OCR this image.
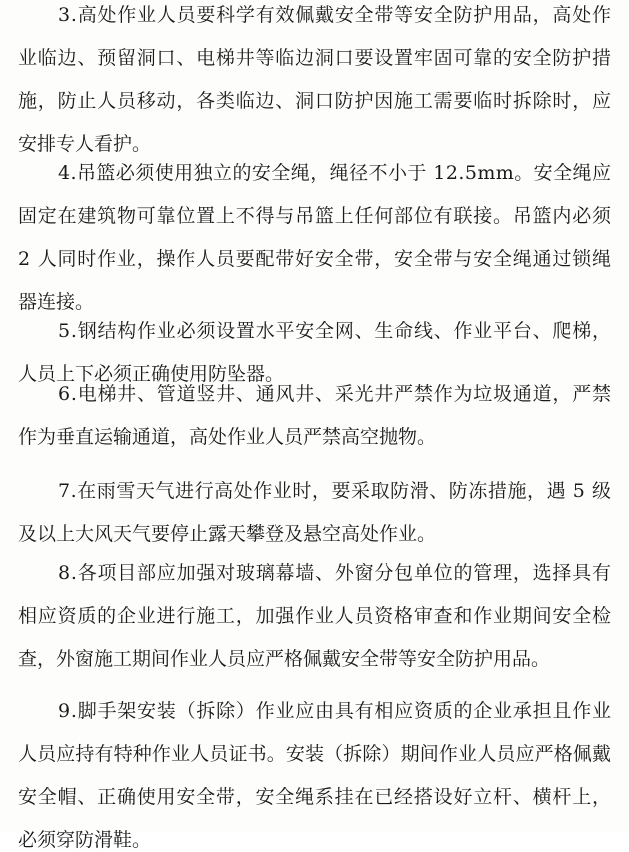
3.高处作业人员要科学有效佩戴安全带等安全防护用品，高处作
业临边、预留洞口、电梯井等临边洞口要设置牢固可靠的安全防护措
施，防止人员移动，各类临边、洞口防护因施工需要临时拆除时，应
安排专人看护。
4.吊篮必须使用独立的安全绳，绳径不小于 12.5mm。安全绳应
固定在建筑物可靠位置上不得与吊篮上任何部位有联接。吊篮内必须
2 人同时作业，操作人员要配带好安全带，安全带与安全绳通过锁绳
器连接。
5.钢结构作业必须设置水平安全网、生命线、作业平台、爬梯，
人员上下必须正确使用防坠器。
6.电梯井、管道竖井、通风井、采光井严禁作为垃圾通道，严禁
作为垂直运输通道，高处作业人员严禁高空抛物。
7.在雨雪天气进行高处作业时，要采取防滑、防冻措施，遇 5 级
及以上大风天气要停止露天攀登及悬空高处作业。
8.各项目部应加强对玻璃幕墙、外窗分包单位的管理，选择具有
相应资质的企业进行施工，加强作业人员资格审查和作业期间安全检
查，外窗施工期间作业人员应严格佩戴安全带等安全防护用品。
9.脚手架安装（拆除）作业应由具有相应资质的企业承担且作业
人员应持有特种作业人员证书。安装（拆除）期间作业人员应严格佩戴
安全帽、正确使用安全带，安全绳系挂在已经搭设好立杆、横杆上，
必须穿防滑鞋。
